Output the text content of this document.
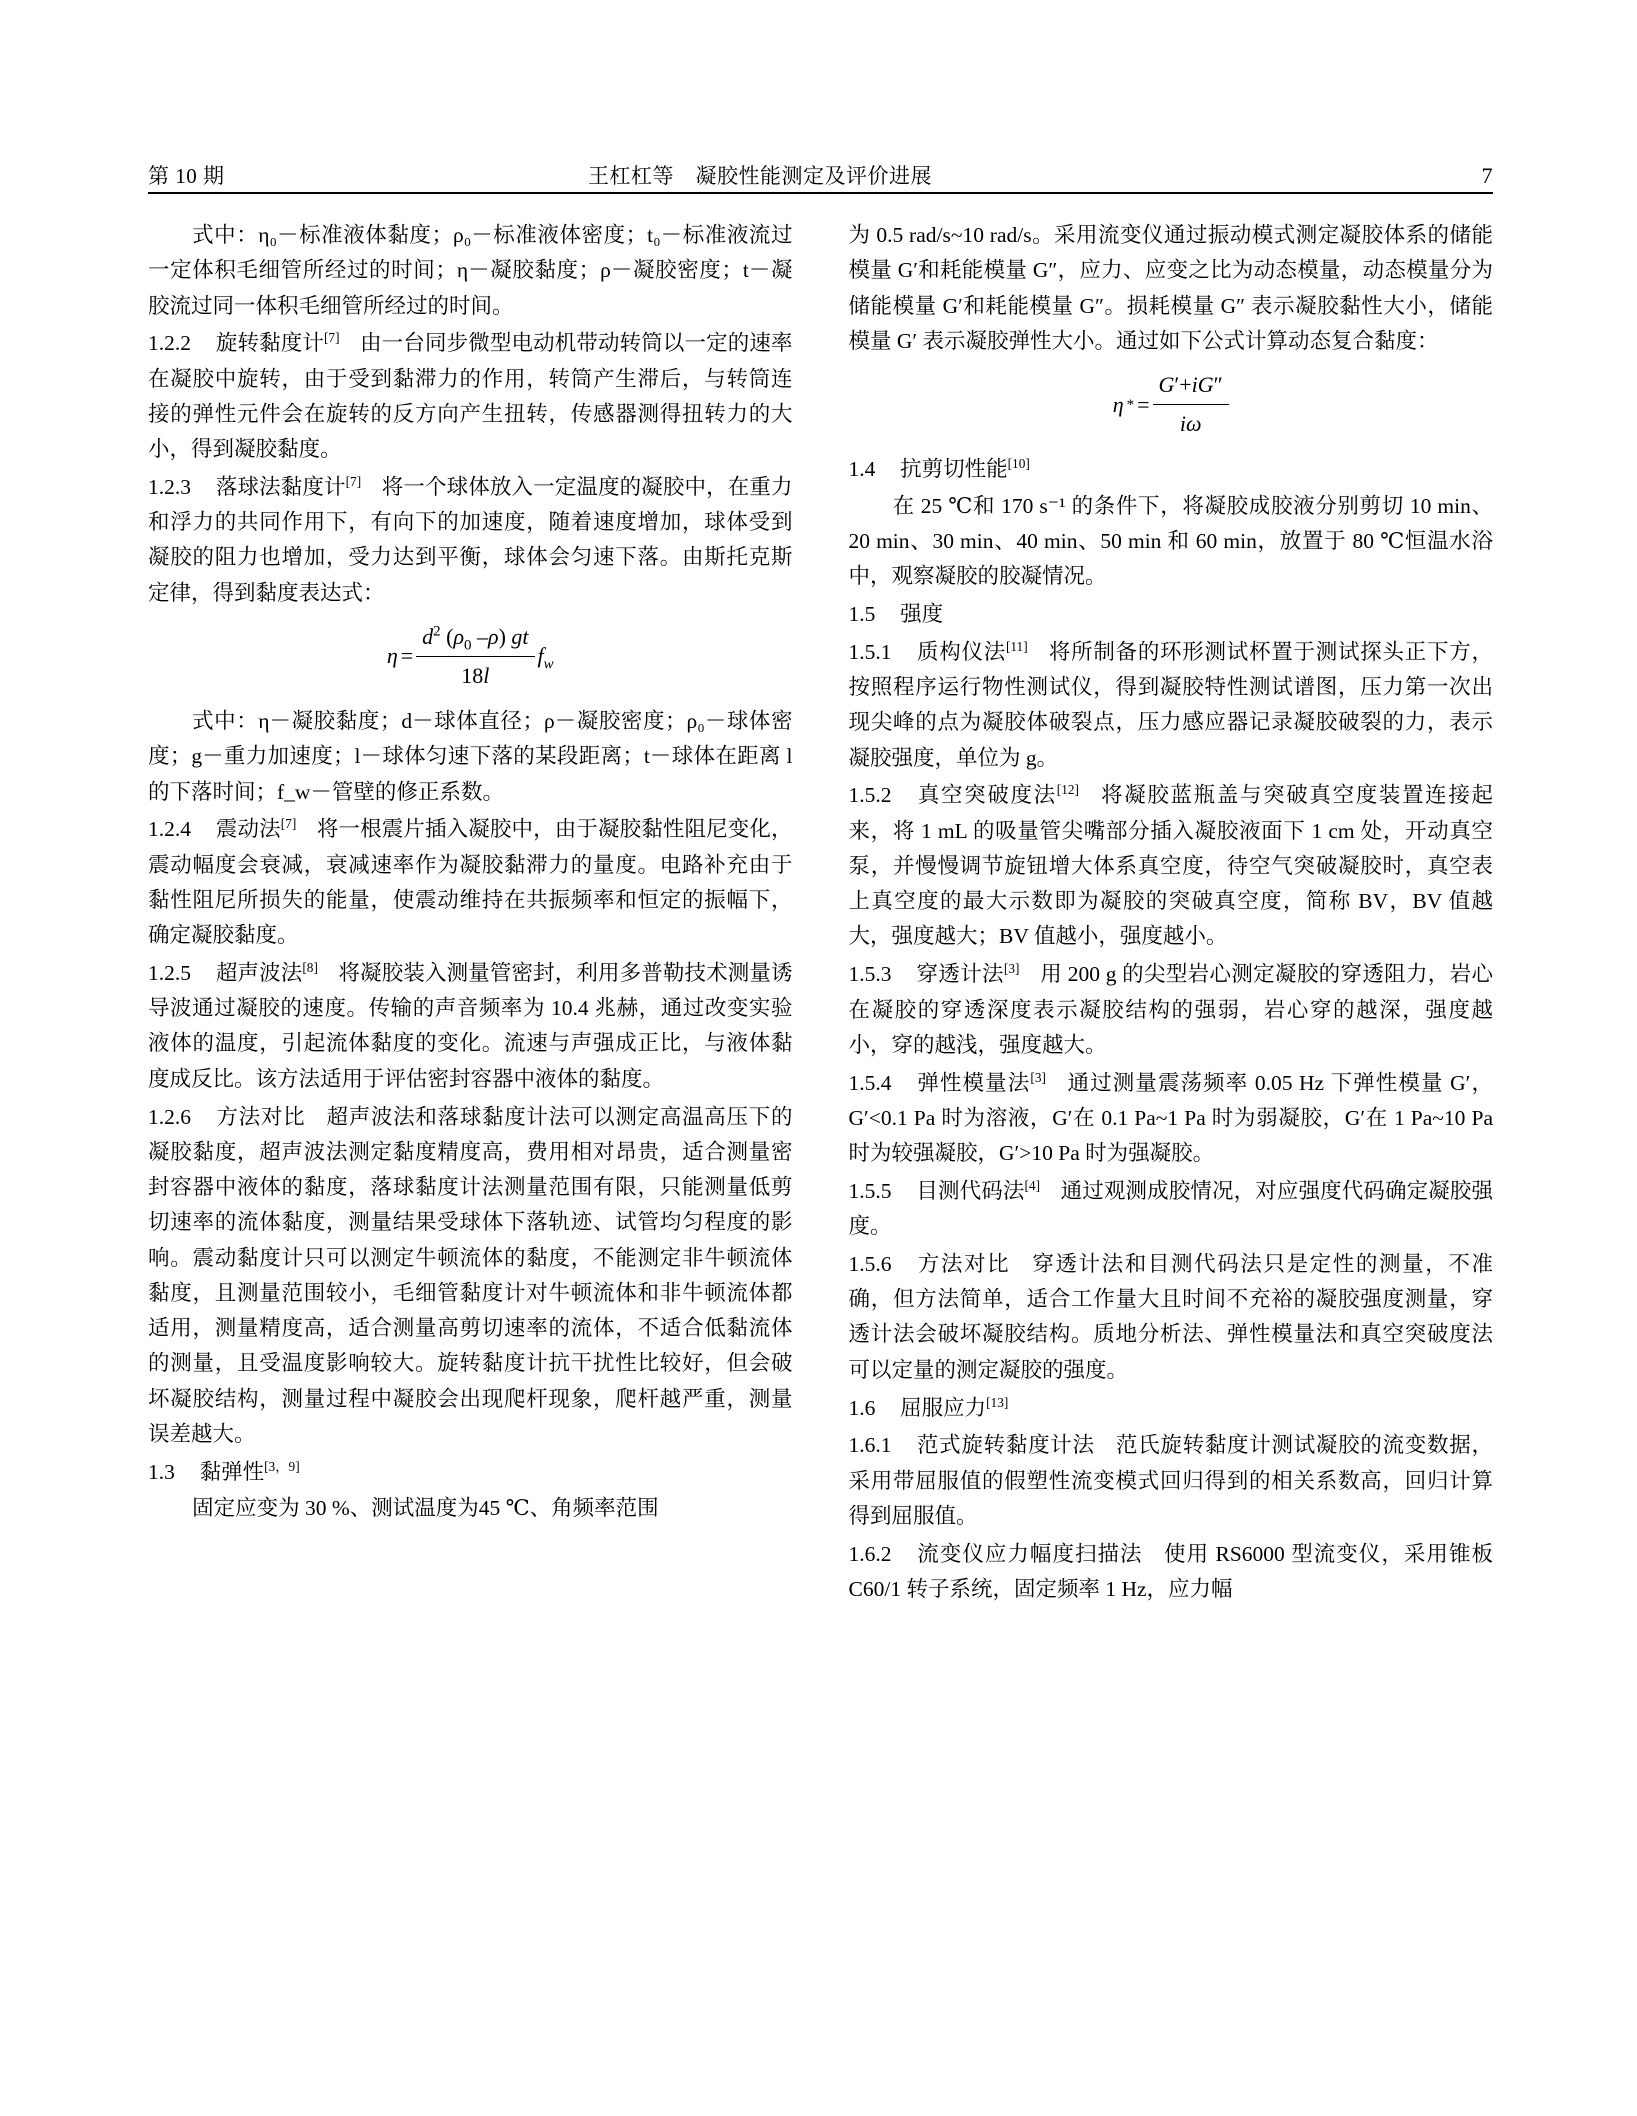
第 10 期	王杠杠等　凝胶性能测定及评价进展	7

式中：η₀－标准液体黏度；ρ₀－标准液体密度；t₀－标准液流过一定体积毛细管所经过的时间；η－凝胶黏度；ρ－凝胶密度；t－凝胶流过同一体积毛细管所经过的时间。

1.2.2 旋转黏度计[7] 由一台同步微型电动机带动转筒以一定的速率在凝胶中旋转，由于受到黏滞力的作用，转筒产生滞后，与转筒连接的弹性元件会在旋转的反方向产生扭转，传感器测得扭转力的大小，得到凝胶黏度。

1.2.3 落球法黏度计[7] 将一个球体放入一定温度的凝胶中，在重力和浮力的共同作用下，有向下的加速度，随着速度增加，球体受到凝胶的阻力也增加，受力达到平衡，球体会匀速下落。由斯托克斯定律，得到黏度表达式：

$\eta = \frac{d^2 (\rho_0 -\rho) gt}{18l} f_w$

式中：η－凝胶黏度；d－球体直径；ρ－凝胶密度；ρ₀－球体密度；g－重力加速度；l－球体匀速下落的某段距离；t－球体在距离 l 的下落时间；f_w－管壁的修正系数。

1.2.4 震动法[7] 将一根震片插入凝胶中，由于凝胶黏性阻尼变化，震动幅度会衰减，衰减速率作为凝胶黏滞力的量度。电路补充由于黏性阻尼所损失的能量，使震动维持在共振频率和恒定的振幅下，确定凝胶黏度。

1.2.5 超声波法[8] 将凝胶装入测量管密封，利用多普勒技术测量诱导波通过凝胶的速度。传输的声音频率为 10.4 兆赫，通过改变实验液体的温度，引起流体黏度的变化。流速与声强成正比，与液体黏度成反比。该方法适用于评估密封容器中液体的黏度。

1.2.6 方法对比 超声波法和落球黏度计法可以测定高温高压下的凝胶黏度，超声波法测定黏度精度高，费用相对昂贵，适合测量密封容器中液体的黏度，落球黏度计法测量范围有限，只能测量低剪切速率的流体黏度，测量结果受球体下落轨迹、试管均匀程度的影响。震动黏度计只可以测定牛顿流体的黏度，不能测定非牛顿流体黏度，且测量范围较小，毛细管黏度计对牛顿流体和非牛顿流体都适用，测量精度高，适合测量高剪切速率的流体，不适合低黏流体的测量，且受温度影响较大。旋转黏度计抗干扰性比较好，但会破坏凝胶结构，测量过程中凝胶会出现爬杆现象，爬杆越严重，测量误差越大。

1.3 黏弹性[3，9]

固定应变为 30 %、测试温度为45 ℃、角频率范围

为 0.5 rad/s~10 rad/s。采用流变仪通过振动模式测定凝胶体系的储能模量 G′和耗能模量 G″，应力、应变之比为动态模量，动态模量分为储能模量 G′和耗能模量 G″。损耗模量 G″ 表示凝胶黏性大小，储能模量 G′ 表示凝胶弹性大小。通过如下公式计算动态复合黏度：

η * = $\frac{G'+iG''}{i\omega}$

1.4 抗剪切性能[10]

在 25 ℃和 170 s⁻¹ 的条件下，将凝胶成胶液分别剪切 10 min、20 min、30 min、40 min、50 min 和 60 min，放置于 80 ℃恒温水浴中，观察凝胶的胶凝情况。

1.5 强度

1.5.1 质构仪法[11] 将所制备的环形测试杯置于测试探头正下方，按照程序运行物性测试仪，得到凝胶特性测试谱图，压力第一次出现尖峰的点为凝胶体破裂点，压力感应器记录凝胶破裂的力，表示凝胶强度，单位为 g。

1.5.2 真空突破度法[12] 将凝胶蓝瓶盖与突破真空度装置连接起来，将 1 mL 的吸量管尖嘴部分插入凝胶液面下 1 cm 处，开动真空泵，并慢慢调节旋钮增大体系真空度，待空气突破凝胶时，真空表上真空度的最大示数即为凝胶的突破真空度，简称 BV，BV 值越大，强度越大；BV 值越小，强度越小。

1.5.3 穿透计法[3] 用 200 g 的尖型岩心测定凝胶的穿透阻力，岩心在凝胶的穿透深度表示凝胶结构的强弱，岩心穿的越深，强度越小，穿的越浅，强度越大。

1.5.4 弹性模量法[3] 通过测量震荡频率 0.05 Hz 下弹性模量 G′，G′<0.1 Pa 时为溶液，G′在 0.1 Pa~1 Pa 时为弱凝胶，G′在 1 Pa~10 Pa 时为较强凝胶，G′>10 Pa 时为强凝胶。

1.5.5 目测代码法[4] 通过观测成胶情况，对应强度代码确定凝胶强度。

1.5.6 方法对比 穿透计法和目测代码法只是定性的测量，不准确，但方法简单，适合工作量大且时间不充裕的凝胶强度测量，穿透计法会破坏凝胶结构。质地分析法、弹性模量法和真空突破度法可以定量的测定凝胶的强度。

1.6 屈服应力[13]

1.6.1 范式旋转黏度计法 范氏旋转黏度计测试凝胶的流变数据，采用带屈服值的假塑性流变模式回归得到的相关系数高，回归计算得到屈服值。

1.6.2 流变仪应力幅度扫描法 使用 RS6000 型流变仪，采用锥板 C60/1 转子系统，固定频率 1 Hz，应力幅
